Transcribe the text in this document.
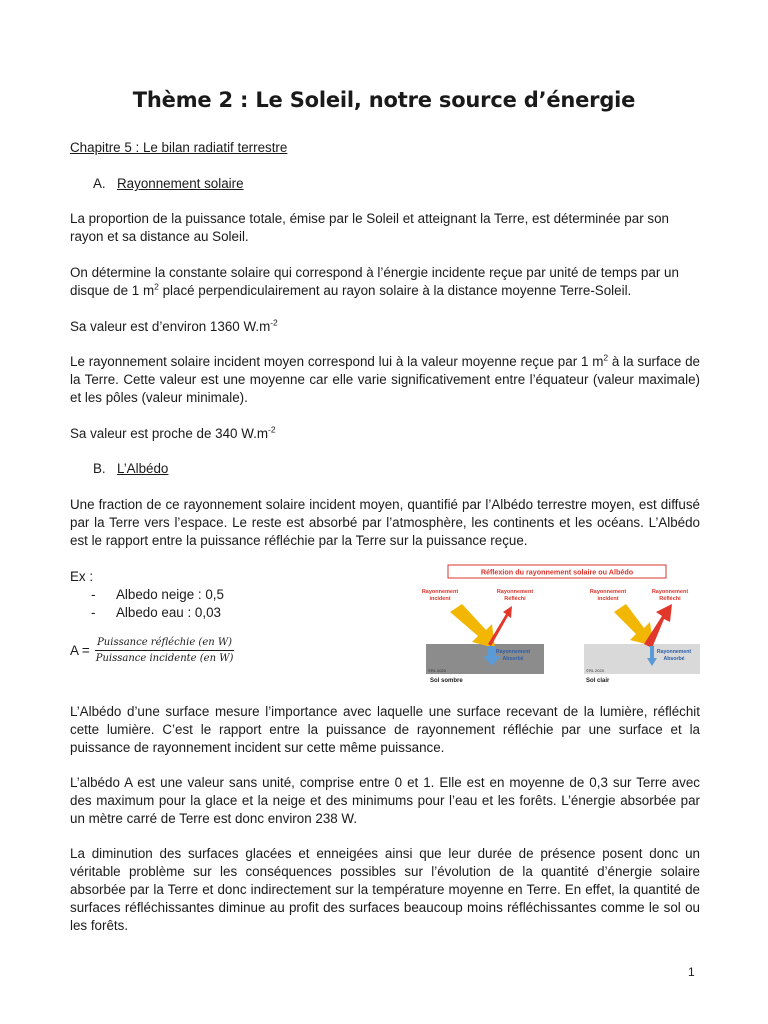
Thème 2 : Le Soleil, notre source d’énergie

Chapitre 5 : Le bilan radiatif terrestre

A. Rayonnement solaire

La proportion de la puissance totale, émise par le Soleil et atteignant la Terre, est déterminée par son rayon et sa distance au Soleil.

On détermine la constante solaire qui correspond à l’énergie incidente reçue par unité de temps par un disque de 1 $m^2$ placé perpendiculairement au rayon solaire à la distance moyenne Terre-Soleil.

Sa valeur est d’environ 1360 $W.m^{-2}$

Le rayonnement solaire incident moyen correspond lui à la valeur moyenne reçue par 1 $m^2$ à la surface de la Terre. Cette valeur est une moyenne car elle varie significativement entre l’équateur (valeur maximale) et les pôles (valeur minimale).

Sa valeur est proche de 340 $W.m^{-2}$

B. L’Albédo

Une fraction de ce rayonnement solaire incident moyen, quantifié par l’Albédo terrestre moyen, est diffusé par la Terre vers l’espace. Le reste est absorbé par l’atmosphère, les continents et les océans. L’Albédo est le rapport entre la puissance réfléchie par la Terre sur la puissance reçue.

Ex :

- Albedo neige : 0,5
- Albedo eau : 0,03
$A = \frac{\text{Puissance réfléchie (en W)}}{\text{Puissance incidente (en W)}}$
Réflexion du rayonnement solaire ou Albédo
Rayonnement
incident
Rayonnement
Réfléchi
Rayonnement
Absorbé
©RL 2020
Sol sombre
Rayonnement
incident
Rayonnement
Réfléchi
Rayonnement
Absorbé
©RL 2020
Sol clair

L’Albédo d’une surface mesure l’importance avec laquelle une surface recevant de la lumière, réfléchit cette lumière. C’est le rapport entre la puissance de rayonnement réfléchie par une surface et la puissance de rayonnement incident sur cette même puissance.

L’albédo A est une valeur sans unité, comprise entre 0 et 1. Elle est en moyenne de 0,3 sur Terre avec des maximum pour la glace et la neige et des minimums pour l’eau et les forêts. L’énergie absorbée par un mètre carré de Terre est donc environ 238 W.

La diminution des surfaces glacées et enneigées ainsi que leur durée de présence posent donc un véritable problème sur les conséquences possibles sur l’évolution de la quantité d’énergie solaire absorbée par la Terre et donc indirectement sur la température moyenne en Terre. En effet, la quantité de surfaces réfléchissantes diminue au profit des surfaces beaucoup moins réfléchissantes comme le sol ou les forêts.

1
